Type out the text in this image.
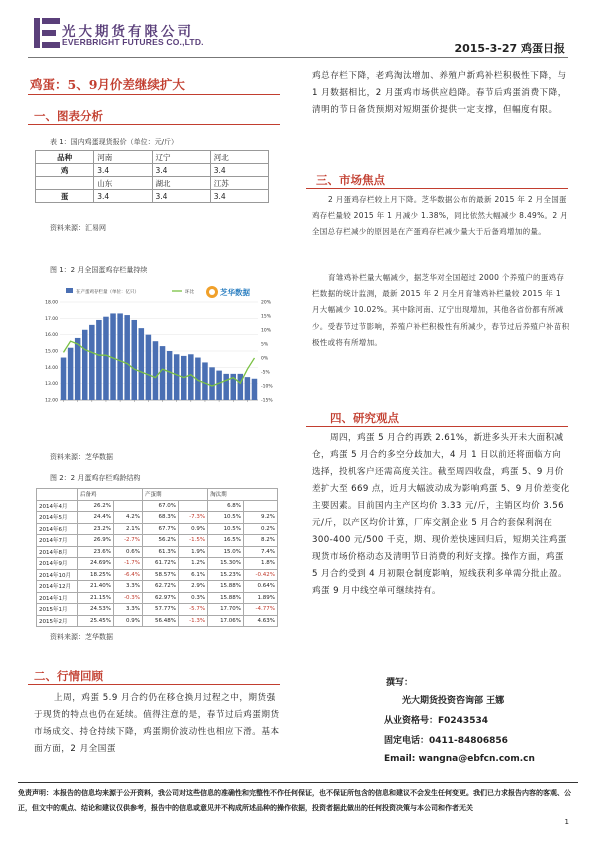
光大期货有限公司
EVERBRIGHT FUTURES CO.,LTD.	2015-3-27 鸡蛋日报
鸡蛋：5、9月价差继续扩大
一、图表分析
表 1：国内鸡蛋现货报价（单位：元/斤）
品种	河南	辽宁	河北
鸡	3.4	3.4	3.4
	山东	湖北	江苏
蛋	3.4	3.4	3.4
资料来源：汇易网
图 1：2 月全国蛋鸡存栏量持续
18.00
17.00
16.00
15.00
14.00
13.00
12.00
20%
15%
10%
5%
0%
-5%
-10%
-15%
在产蛋鸡存栏量（单位：亿只）	环比	芝华数据
资料来源：芝华数据
图 2：2 月蛋鸡存栏鸡龄结构
	后备鸡		产蛋期		淘汰期	
2014年4月	26.2%		67.0%		6.8%	
2014年5月	24.4%	4.2%	68.3%	-7.3%	10.5%	9.2%
2014年6月	23.2%	2.1%	67.7%	0.9%	10.5%	0.2%
2014年7月	26.9%	-2.7%	56.2%	-1.5%	16.5%	8.2%
2014年8月	23.6%	0.6%	61.3%	1.9%	15.0%	7.4%
2014年9月	24.69%	-1.7%	61.72%	1.2%	15.30%	1.8%
2014年10月	18.25%	-6.4%	58.57%	6.1%	15.23%	-0.42%
2014年12月	21.40%	3.3%	62.72%	2.9%	15.88%	0.64%
2014年1月	21.15%	-0.3%	62.97%	0.3%	15.88%	1.89%
2015年1月	24.53%	3.3%	57.77%	-5.7%	17.70%	-4.77%
2015年2月	25.45%	0.9%	56.48%	-1.3%	17.06%	4.63%
资料来源：芝华数据
二、行情回顾
上周，鸡蛋 5.9 月合约仍在移仓换月过程之中，期货强于现货的特点也仍在延续。值得注意的是，春节过后鸡蛋期货市场成交、持仓持续下降，鸡蛋期价波动性也相应下滑。基本面方面，2 月全国蛋
鸡总存栏下降，老鸡淘汰增加、养殖户新鸡补栏积极性下降，与 1 月数据相比，2 月蛋鸡市场供应趋降。春节后鸡蛋消费下降，清明的节日备货预期对短期蛋价提供一定支撑，但幅度有限。
三、市场焦点
2 月蛋鸡存栏较上月下降。芝华数据公布的最新 2015 年 2 月全国蛋鸡存栏量较 2015 年 1 月减少 1.38%，同比依然大幅减少 8.49%。2 月全国总存栏减少的原因是在产蛋鸡存栏减少量大于后备鸡增加的量。
育雏鸡补栏量大幅减少，据芝华对全国超过 2000 个养殖户的蛋鸡存栏数据的统计监测，最新 2015 年 2 月全月育雏鸡补栏量较 2015 年 1 月大幅减少 10.02%。其中除河南、辽宁出现增加，其他各省份都有所减少。受春节过节影响，养殖户补栏积极性有所减少，春节过后养殖户补苗积极性或将有所增加。
四、研究观点
周四，鸡蛋 5 月合约再跌 2.61%，新进多头开未大面积减仓，鸡蛋 5 月合约多空分歧加大，4 月 1 日以前还将面临方向选择，投机客户还需高度关注。截至周四收盘，鸡蛋 5、9 月价差扩大至 669 点，近月大幅波动成为影响鸡蛋 5、9 月价差变化主要因素。目前国内主产区均价 3.33 元/斤，主销区均价 3.56 元/斤，以产区均价计算，厂库交割企业 5 月合约套保利润在 300-400 元/500 千克，期、现价差快速回归后，短期关注鸡蛋现货市场价格动态及清明节日消费的利好支撑。操作方面，鸡蛋 5 月合约受到 4 月初限仓制度影响，短线获利多单需分批止盈。鸡蛋 9 月中线空单可继续持有。
撰写：
光大期货投资咨询部 王娜
从业资格号：F0243534
固定电话：0411-84806856
Email: wangna@ebfcn.com.cn
免责声明：本报告的信息均来源于公开资料，我公司对这些信息的准确性和完整性不作任何保证，也不保证所包含的信息和建议不会发生任何变更。我们已力求报告内容的客观、公正，但文中的观点、结论和建议仅供参考，报告中的信息或意见并不构成所述品种的操作依据，投资者据此做出的任何投资决策与本公司和作者无关
1
